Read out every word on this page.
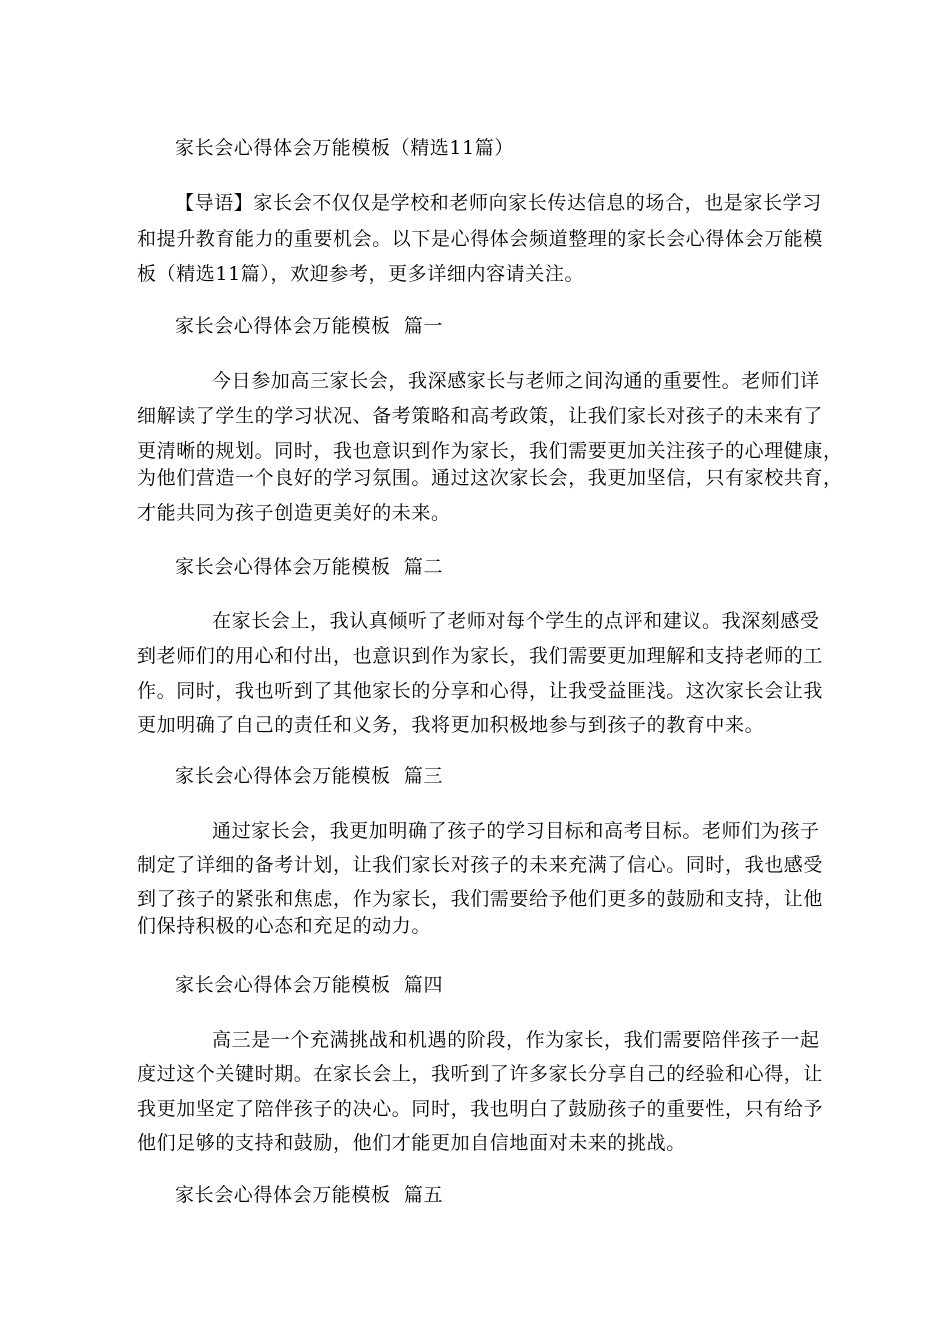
家长会心得体会万能模板（精选11篇）
【导语】家长会不仅仅是学校和老师向家长传达信息的场合，也是家长学习
和提升教育能力的重要机会。以下是心得体会频道整理的家长会心得体会万能模
板（精选11篇），欢迎参考，更多详细内容请关注。
家长会心得体会万能模板  篇一
今日参加高三家长会，我深感家长与老师之间沟通的重要性。老师们详
细解读了学生的学习状况、备考策略和高考政策，让我们家长对孩子的未来有了
更清晰的规划。同时，我也意识到作为家长，我们需要更加关注孩子的心理健康，
为他们营造一个良好的学习氛围。通过这次家长会，我更加坚信，只有家校共育，
才能共同为孩子创造更美好的未来。
家长会心得体会万能模板  篇二
在家长会上，我认真倾听了老师对每个学生的点评和建议。我深刻感受
到老师们的用心和付出，也意识到作为家长，我们需要更加理解和支持老师的工
作。同时，我也听到了其他家长的分享和心得，让我受益匪浅。这次家长会让我
更加明确了自己的责任和义务，我将更加积极地参与到孩子的教育中来。
家长会心得体会万能模板  篇三
通过家长会，我更加明确了孩子的学习目标和高考目标。老师们为孩子
制定了详细的备考计划，让我们家长对孩子的未来充满了信心。同时，我也感受
到了孩子的紧张和焦虑，作为家长，我们需要给予他们更多的鼓励和支持，让他
们保持积极的心态和充足的动力。
家长会心得体会万能模板  篇四
高三是一个充满挑战和机遇的阶段，作为家长，我们需要陪伴孩子一起
度过这个关键时期。在家长会上，我听到了许多家长分享自己的经验和心得，让
我更加坚定了陪伴孩子的决心。同时，我也明白了鼓励孩子的重要性，只有给予
他们足够的支持和鼓励，他们才能更加自信地面对未来的挑战。
家长会心得体会万能模板  篇五
